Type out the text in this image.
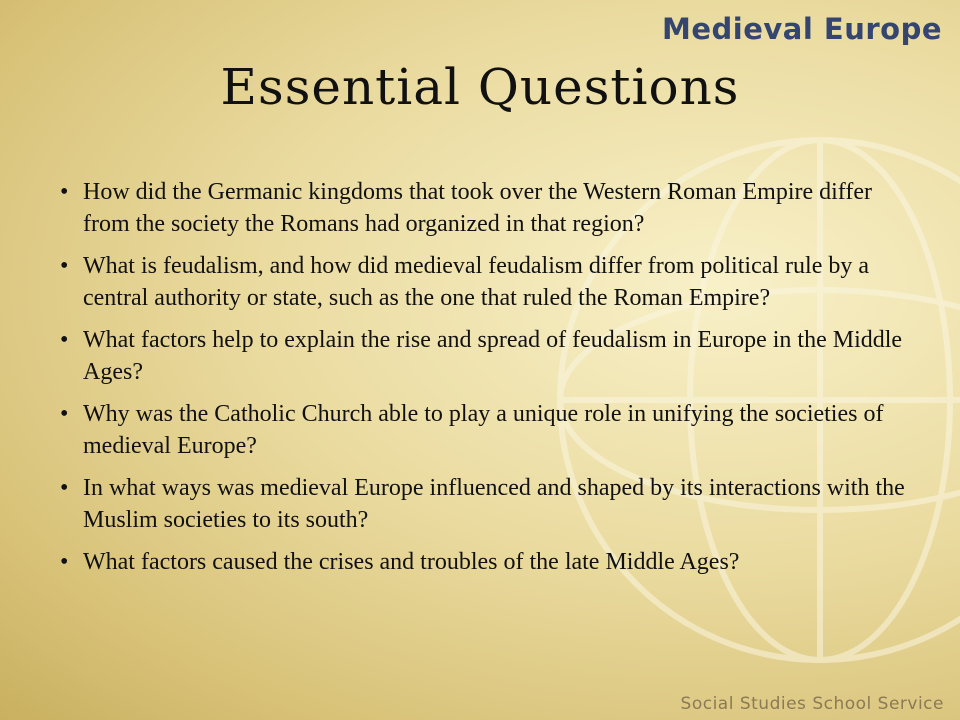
Medieval Europe
Essential Questions
• How did the Germanic kingdoms that took over the Western Roman Empire differ from the society the Romans had organized in that region?
• What is feudalism, and how did medieval feudalism differ from political rule by a central authority or state, such as the one that ruled the Roman Empire?
• What factors help to explain the rise and spread of feudalism in Europe in the Middle Ages?
• Why was the Catholic Church able to play a unique role in unifying the societies of medieval Europe?
• In what ways was medieval Europe influenced and shaped by its interactions with the Muslim societies to its south?
• What factors caused the crises and troubles of the late Middle Ages?
Social Studies School Service
